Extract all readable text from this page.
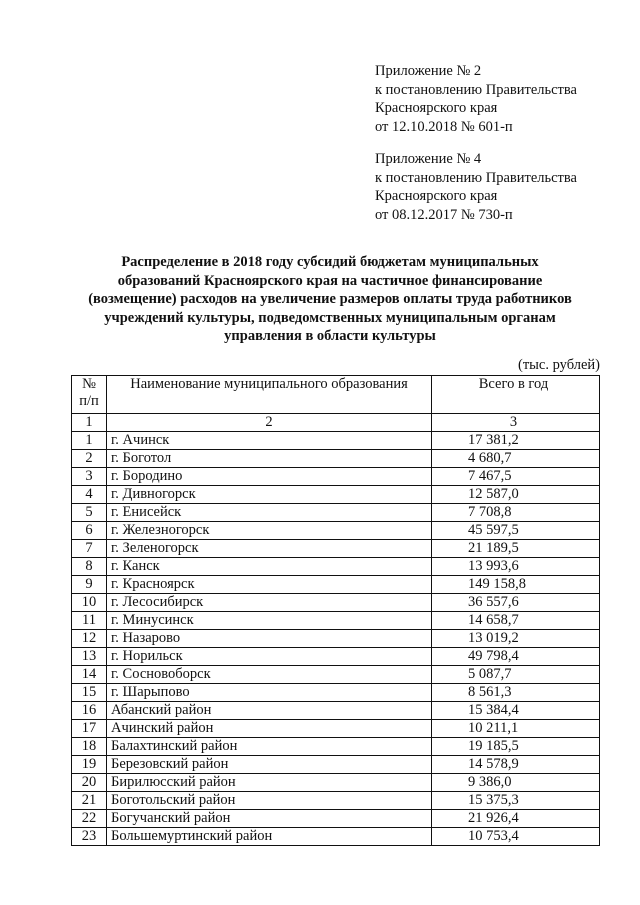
Приложение № 2
к постановлению Правительства
Красноярского края
от 12.10.2018 № 601-п
Приложение № 4
к постановлению Правительства
Красноярского края
от 08.12.2017 № 730-п
Распределение в 2018 году субсидий бюджетам муниципальных
образований Красноярского края на частичное финансирование
(возмещение) расходов на увеличение размеров оплаты труда работников
учреждений культуры, подведомственных муниципальным органам
управления в области культуры
(тыс. рублей)
№
п/п	Наименование муниципального образования	Всего в год
1	2	3
1	г. Ачинск	17 381,2
2	г. Боготол	4 680,7
3	г. Бородино	7 467,5
4	г. Дивногорск	12 587,0
5	г. Енисейск	7 708,8
6	г. Железногорск	45 597,5
7	г. Зеленогорск	21 189,5
8	г. Канск	13 993,6
9	г. Красноярск	149 158,8
10	г. Лесосибирск	36 557,6
11	г. Минусинск	14 658,7
12	г. Назарово	13 019,2
13	г. Норильск	49 798,4
14	г. Сосновоборск	5 087,7
15	г. Шарыпово	8 561,3
16	Абанский район	15 384,4
17	Ачинский район	10 211,1
18	Балахтинский район	19 185,5
19	Березовский район	14 578,9
20	Бирилюсский район	9 386,0
21	Боготольский район	15 375,3
22	Богучанский район	21 926,4
23	Большемуртинский район	10 753,4
